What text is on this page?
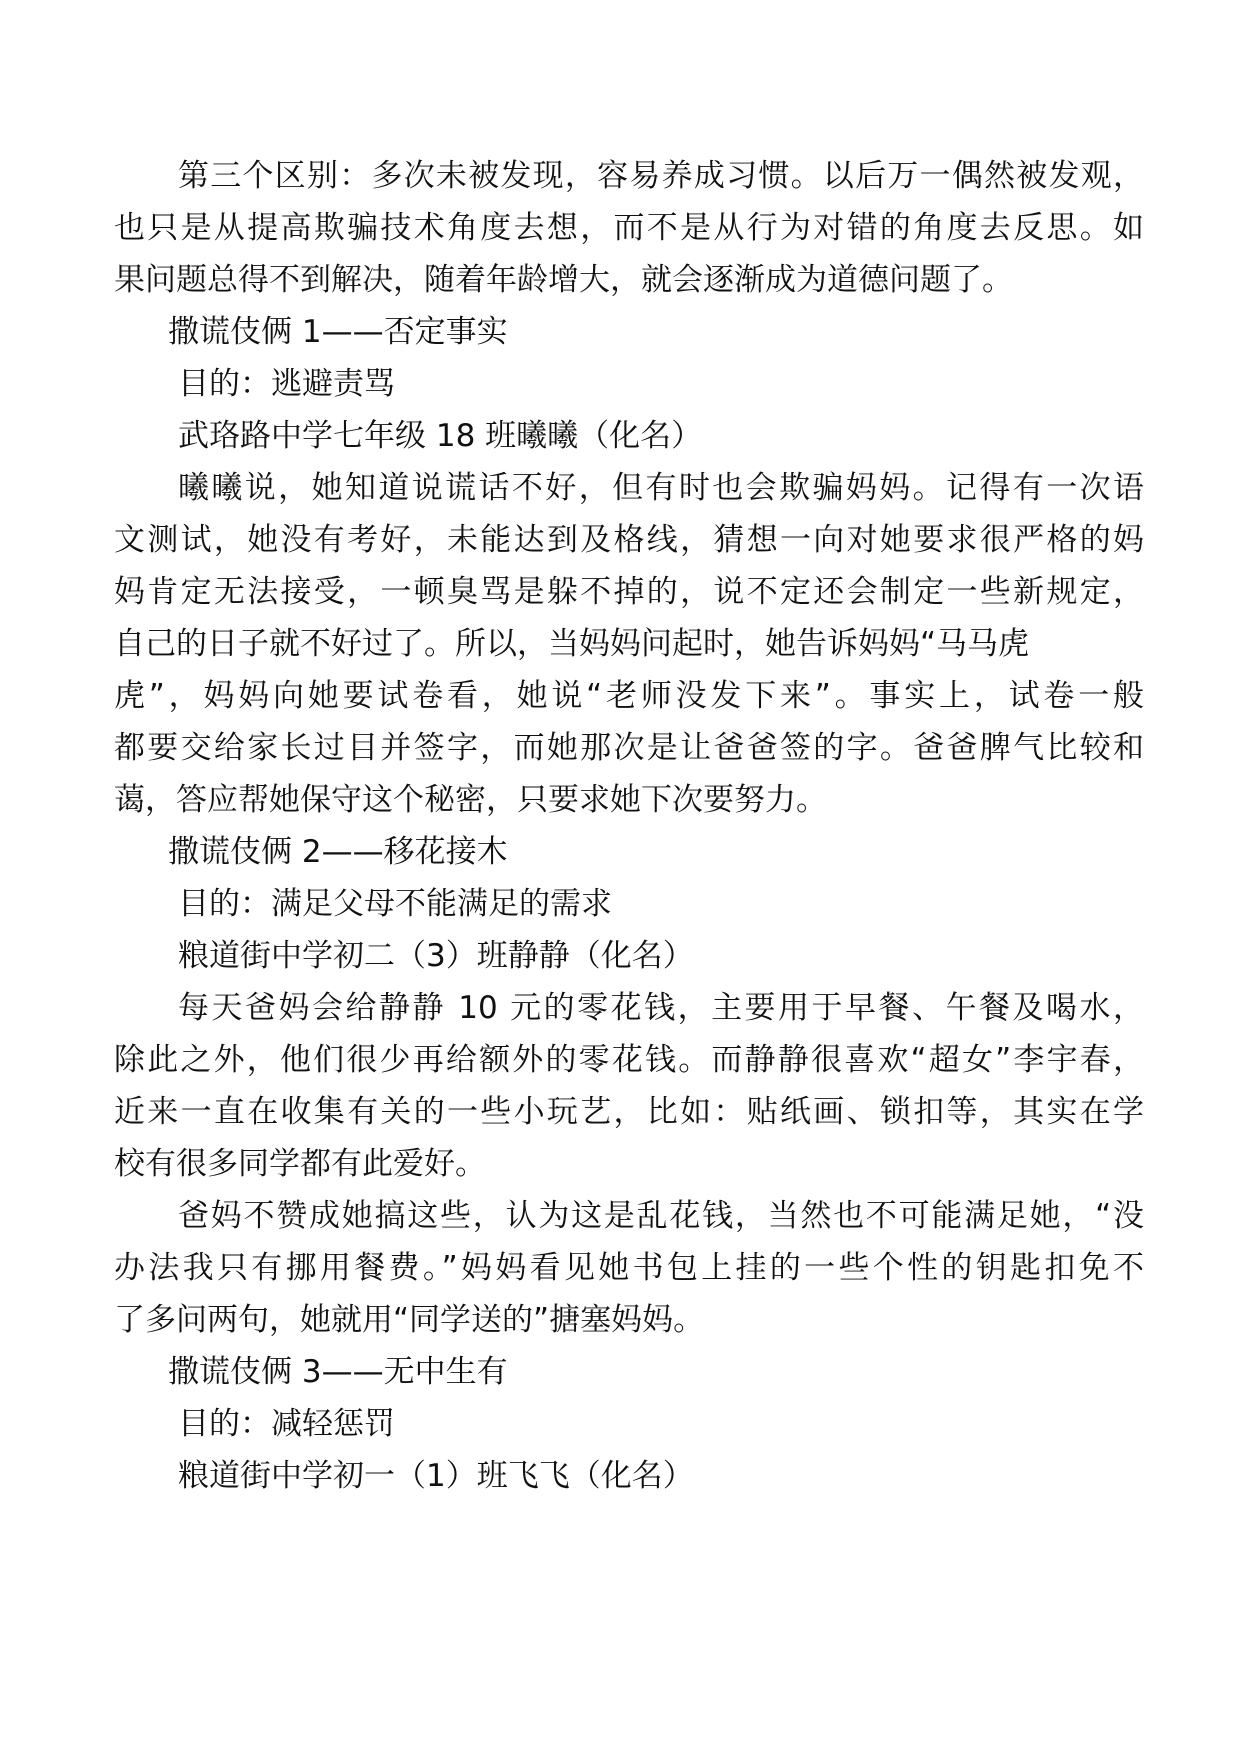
第三个区别：多次未被发现，容易养成习惯。以后万一偶然被发观，
也只是从提高欺骗技术角度去想，而不是从行为对错的角度去反思。如
果问题总得不到解决，随着年龄增大，就会逐渐成为道德问题了。
撒谎伎俩 1——否定事实
目的：逃避责骂
武珞路中学七年级 18 班曦曦（化名）
曦曦说，她知道说谎话不好，但有时也会欺骗妈妈。记得有一次语
文测试，她没有考好，未能达到及格线，猜想一向对她要求很严格的妈
妈肯定无法接受，一顿臭骂是躲不掉的，说不定还会制定一些新规定，
自己的日子就不好过了。所以，当妈妈问起时，她告诉妈妈“马马虎
虎”，妈妈向她要试卷看，她说“老师没发下来”。事实上，试卷一般
都要交给家长过目并签字，而她那次是让爸爸签的字。爸爸脾气比较和
蔼，答应帮她保守这个秘密，只要求她下次要努力。
撒谎伎俩 2——移花接木
目的：满足父母不能满足的需求
粮道街中学初二（3）班静静（化名）
每天爸妈会给静静 10 元的零花钱，主要用于早餐、午餐及喝水，
除此之外，他们很少再给额外的零花钱。而静静很喜欢“超女”李宇春，
近来一直在收集有关的一些小玩艺，比如：贴纸画、锁扣等，其实在学
校有很多同学都有此爱好。
爸妈不赞成她搞这些，认为这是乱花钱，当然也不可能满足她，“没
办法我只有挪用餐费。”妈妈看见她书包上挂的一些个性的钥匙扣免不
了多问两句，她就用“同学送的”搪塞妈妈。
撒谎伎俩 3——无中生有
目的：减轻惩罚
粮道街中学初一（1）班飞飞（化名）
